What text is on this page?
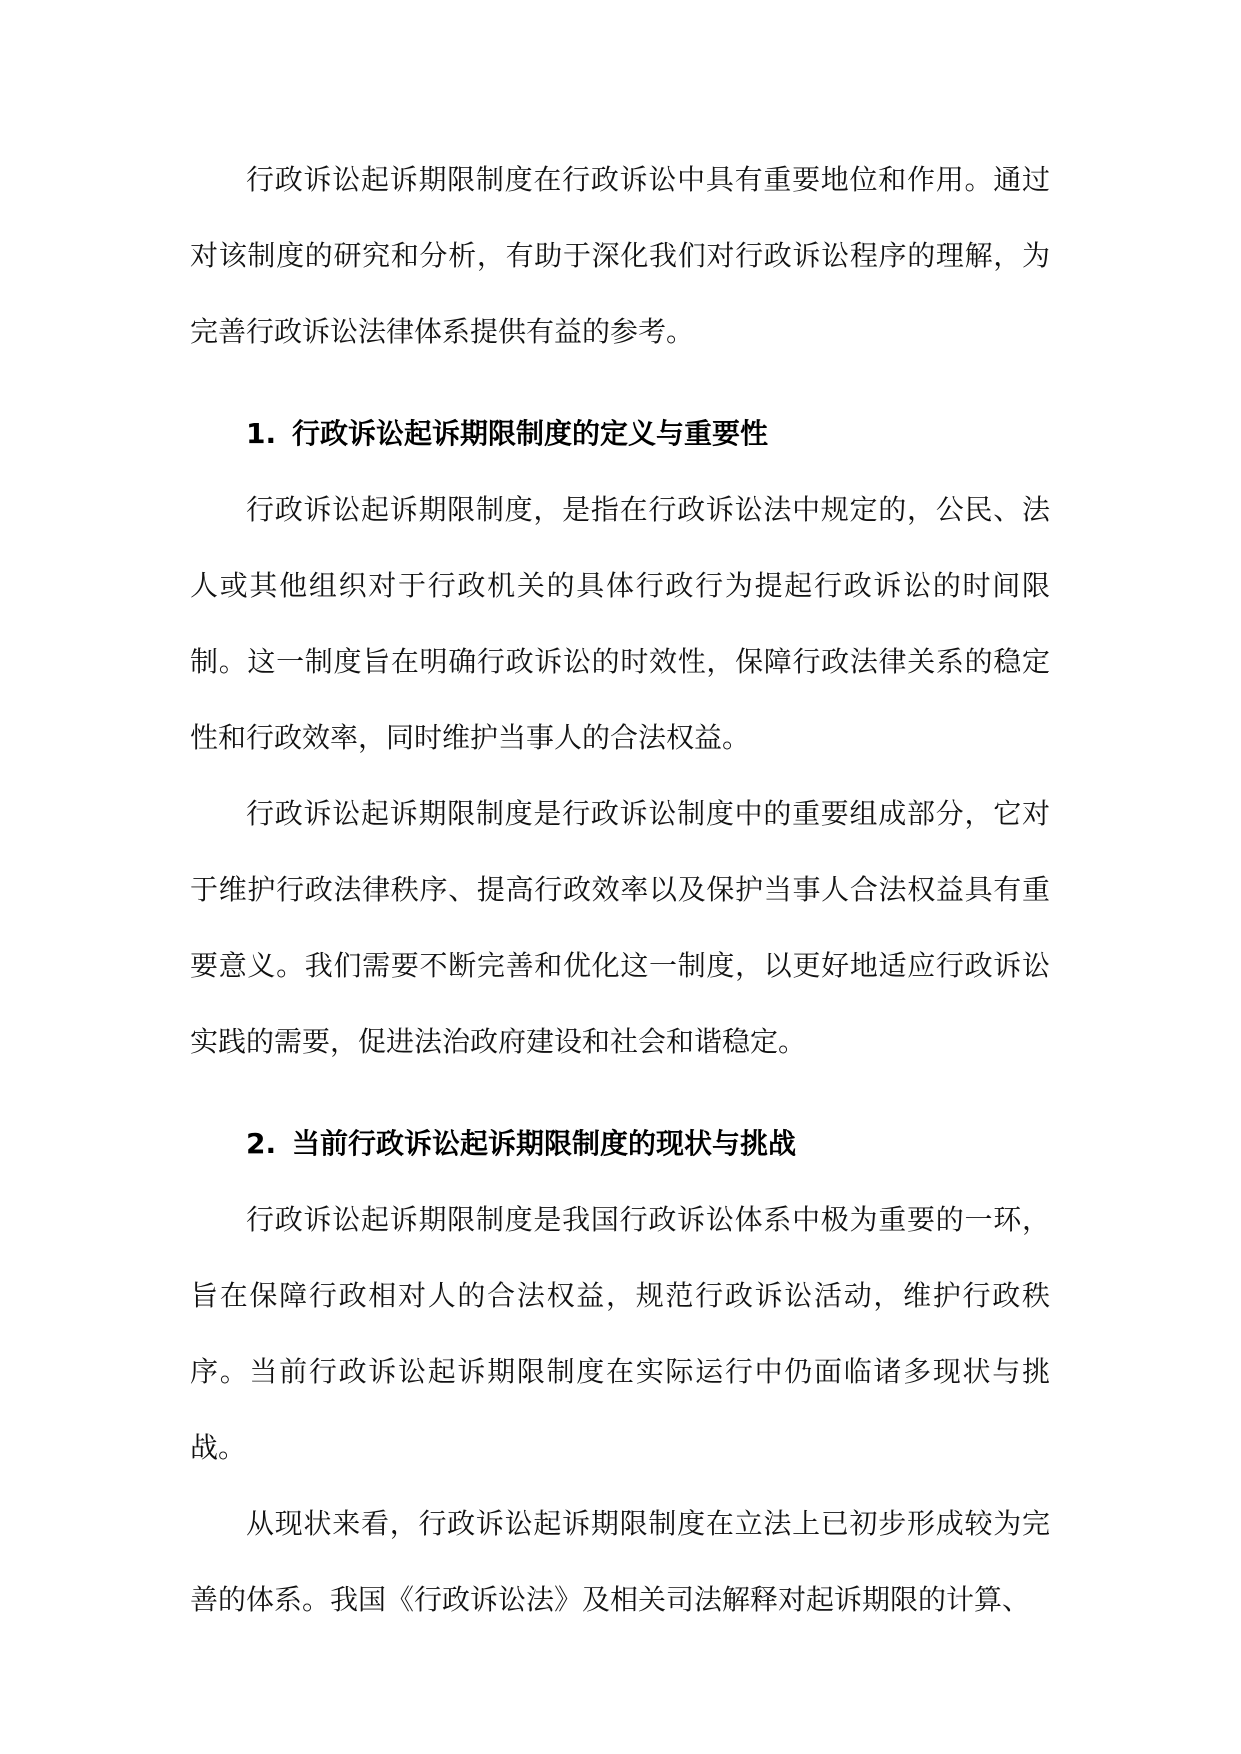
行政诉讼起诉期限制度在行政诉讼中具有重要地位和作用。通过对该制度的研究和分析，有助于深化我们对行政诉讼程序的理解，为完善行政诉讼法律体系提供有益的参考。

1. 行政诉讼起诉期限制度的定义与重要性

行政诉讼起诉期限制度，是指在行政诉讼法中规定的，公民、法人或其他组织对于行政机关的具体行政行为提起行政诉讼的时间限制。这一制度旨在明确行政诉讼的时效性，保障行政法律关系的稳定性和行政效率，同时维护当事人的合法权益。

行政诉讼起诉期限制度是行政诉讼制度中的重要组成部分，它对于维护行政法律秩序、提高行政效率以及保护当事人合法权益具有重要意义。我们需要不断完善和优化这一制度，以更好地适应行政诉讼实践的需要，促进法治政府建设和社会和谐稳定。

2. 当前行政诉讼起诉期限制度的现状与挑战

行政诉讼起诉期限制度是我国行政诉讼体系中极为重要的一环，旨在保障行政相对人的合法权益，规范行政诉讼活动，维护行政秩序。当前行政诉讼起诉期限制度在实际运行中仍面临诸多现状与挑战。

从现状来看，行政诉讼起诉期限制度在立法上已初步形成较为完善的体系。我国《行政诉讼法》及相关司法解释对起诉期限的计算、
